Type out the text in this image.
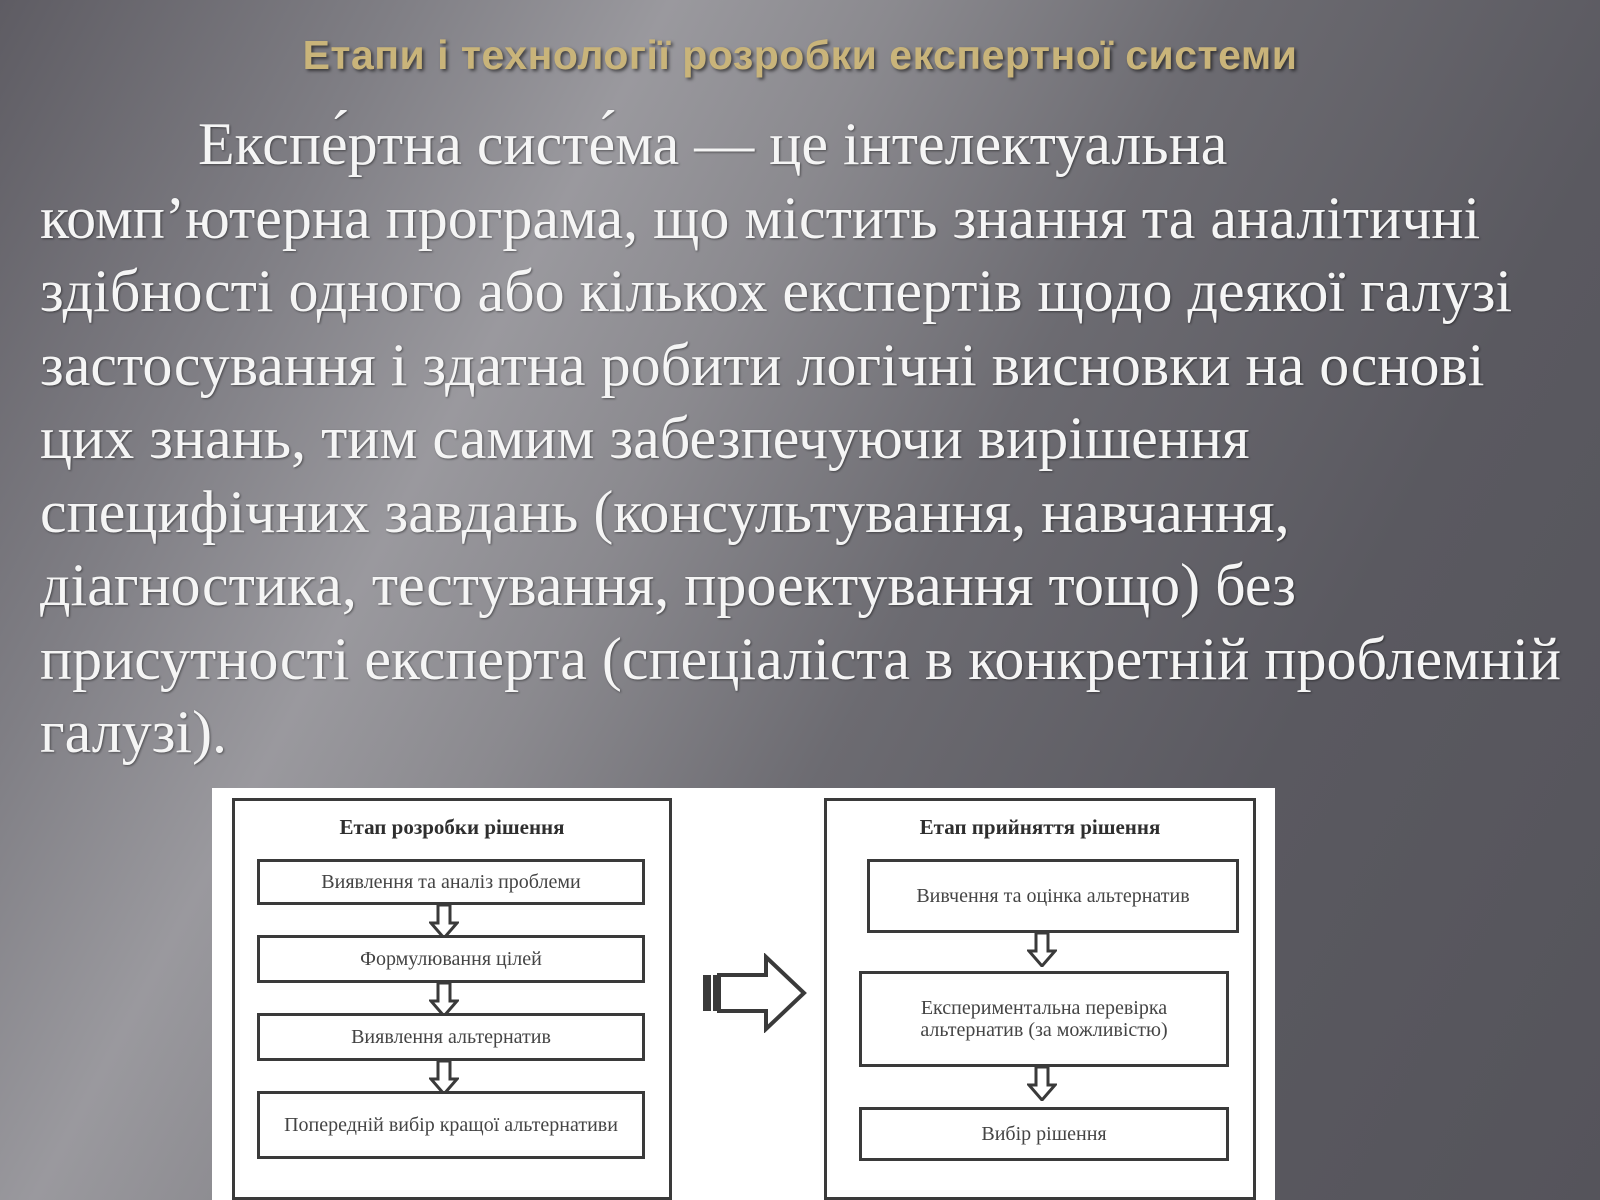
Етапи і технології розробки експертної системи

Експе́ртна систе́ма — це інтелектуальна комп’ютерна програма, що містить знання та аналітичні здібності одного або кількох експертів щодо деякої галузі застосування і здатна робити логічні висновки на основі цих знань, тим самим забезпечуючи вирішення специфічних завдань (консультування, навчання, діагностика, тестування, проектування тощо) без присутності експерта (спеціаліста в конкретній проблемній галузі).

Етап розробки рішення
Виявлення та аналіз проблеми
Формулювання цілей
Виявлення альтернатив
Попередній вибір кращої альтернативи
Етап прийняття рішення
Вивчення та оцінка альтернатив
Експериментальна перевірка альтернатив (за можливістю)
Вибір рішення
